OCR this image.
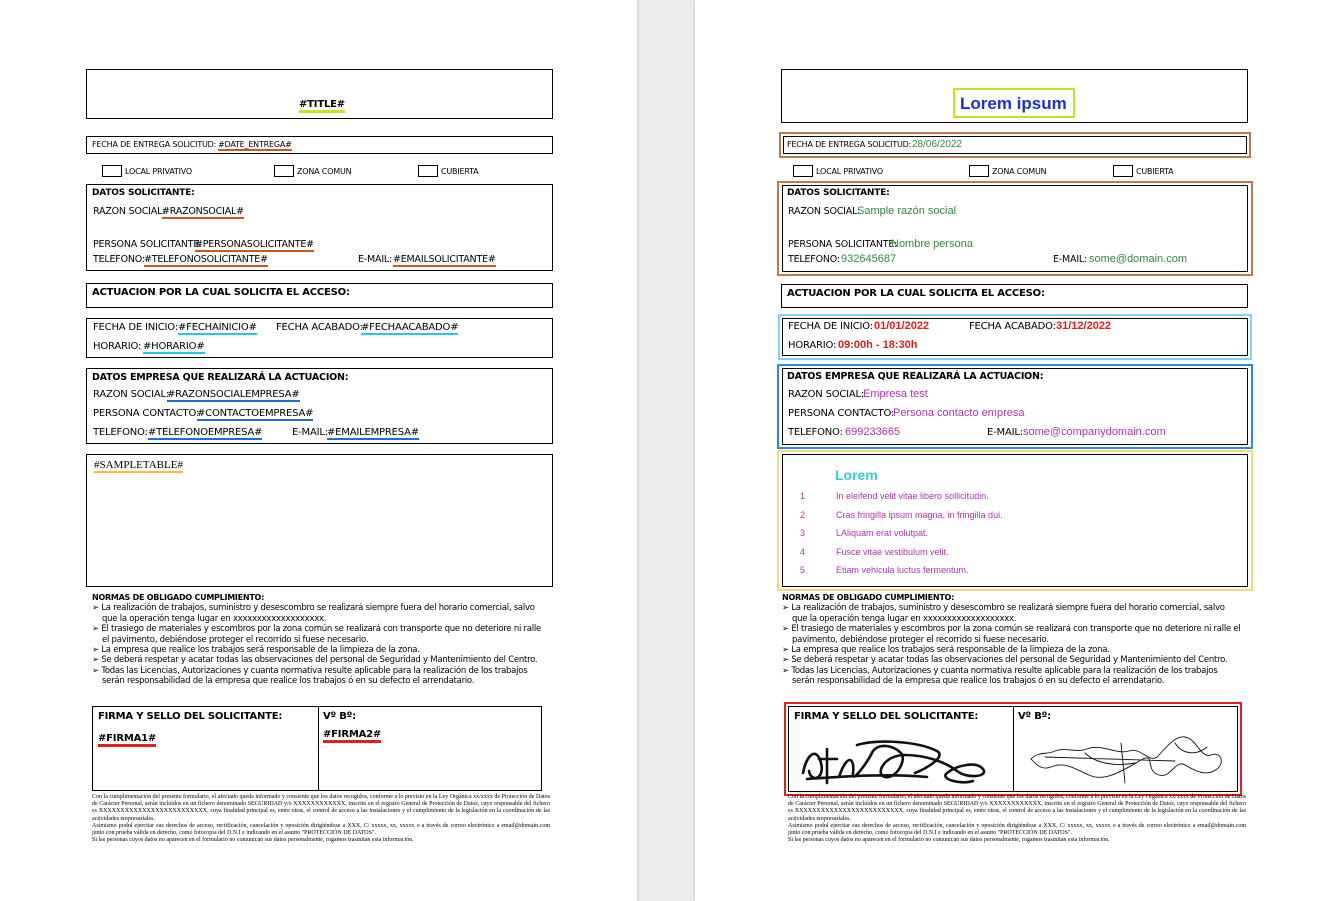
#TITLE#
FECHA DE ENTREGA SOLICITUD: #DATE_ENTREGA#
LOCAL PRIVATIVO	ZONA COMUN	CUBIERTA
DATOS SOLICITANTE:
RAZON SOCIAL:
#RAZONSOCIAL#
PERSONA SOLICITANTE:
#PERSONASOLICITANTE#
TELEFONO: #TELEFONOSOLICITANTE#	E-MAIL: #EMAILSOLICITANTE#
ACTUACION POR LA CUAL SOLICITA EL ACCESO:
FECHA DE INICIO: #FECHAINICIO# FECHA ACABADO:
#FECHAACABADO#
HORARIO: #HORARIO#
DATOS EMPRESA QUE REALIZARÁ LA ACTUACION:
RAZON SOCIAL:
#RAZONSOCIALEMPRESA#
PERSONA CONTACTO:
#CONTACTOEMPRESA#
TELEFONO: #TELEFONOEMPRESA#	E-MAIL: #EMAILEMPRESA#
#SAMPLETABLE#
NORMAS DE OBLIGADO CUMPLIMIENTO:
➢ La realización de trabajos, suministro y desescombro se realizará siempre fuera del horario comercial, salvo que la operación tenga lugar en xxxxxxxxxxxxxxxxxxx.
➢ El trasiego de materiales y escombros por la zona común se realizará con transporte que no deteriore ni ralle el pavimento, debiéndose proteger el recorrido si fuese necesario.
➢ La empresa que realice los trabajos será responsable de la limpieza de la zona.
➢ Se deberá respetar y acatar todas las observaciones del personal de Seguridad y Mantenimiento del Centro.
➢ Todas las Licencias, Autorizaciones y cuanta normativa resulte aplicable para la realización de los trabajos serán responsabilidad de la empresa que realice los trabajos ó en su defecto el arrendatario.
FIRMA Y SELLO DEL SOLICITANTE:
#FIRMA1#
Vº Bº:
#FIRMA2#

Con la cumplimentación del presente formulario, el afectado queda informado y consiente que los datos recogidos, conforme a lo previsto en la Ley Orgánica xx/xxxx de Protección de Datos de Carácter Personal, serán incluidos en un fichero denominado SEGURIDAD y/o XXXXXXXXXXXX, inscrito en el registro General de Protección de Datos, cuyo responsable del fichero es XXXXXXXXXXXXXXXXXXXXXXXXX, cuya finalidad principal es, entre otras, el control de acceso a las instalaciones y el cumplimiento de la legislación en la coordinación de las actividades empresariales.

Asimismo podrá ejercitar sus derechos de acceso, rectificación, cancelación y oposición dirigiéndose a XXX, C/ xxxxx, xx, xxxxx o a través de correo electrónico a email@domain.com junto con prueba válida en derecho, como fotocopia del D.N.I e indicando en el asunto "PROTECCIÓN DE DATOS".

Si las personas cuyos datos no aparecen en el formulario no comunican sus datos personalmente, rogamos trasmitan esta información.

Lorem ipsum
FECHA DE ENTREGA SOLICITUD: 28/06/2022
LOCAL PRIVATIVO	ZONA COMUN	CUBIERTA
DATOS SOLICITANTE:
RAZON SOCIAL:
Sample razón social
PERSONA SOLICITANTE:
Nombre persona
TELEFONO: 932645687	E-MAIL: some@domain.com
ACTUACION POR LA CUAL SOLICITA EL ACCESO:
FECHA DE INICIO: 01/01/2022	FECHA ACABADO: 31/12/2022
HORARIO: 09:00h - 18:30h
DATOS EMPRESA QUE REALIZARÁ LA ACTUACION:
RAZON SOCIAL:
Empresa test
PERSONA CONTACTO:
Persona contacto empresa
TELEFONO: 699233665	E-MAIL: some@companydomain.com
Lorem
1	In eleifend velit vitae libero sollicitudin.
2	Cras fringilla ipsum magna, in fringilla dui.
3	LAliquam erat volutpat.
4	Fusce vitae vestibulum velit.
5	Etiam vehicula luctus fermentum.
NORMAS DE OBLIGADO CUMPLIMIENTO:
➢ La realización de trabajos, suministro y desescombro se realizará siempre fuera del horario comercial, salvo que la operación tenga lugar en xxxxxxxxxxxxxxxxxxx.
➢ El trasiego de materiales y escombros por la zona común se realizará con transporte que no deteriore ni ralle el pavimento, debiéndose proteger el recorrido si fuese necesario.
➢ La empresa que realice los trabajos será responsable de la limpieza de la zona.
➢ Se deberá respetar y acatar todas las observaciones del personal de Seguridad y Mantenimiento del Centro.
➢ Todas las Licencias, Autorizaciones y cuanta normativa resulte aplicable para la realización de los trabajos serán responsabilidad de la empresa que realice los trabajos ó en su defecto el arrendatario.
FIRMA Y SELLO DEL SOLICITANTE:	Vº Bº:

Con la cumplimentación del presente formulario, el afectado queda informado y consiente que los datos recogidos, conforme a lo previsto en la Ley Orgánica xx/xxxx de Protección de Datos de Carácter Personal, serán incluidos en un fichero denominado SEGURIDAD y/o XXXXXXXXXXXX, inscrito en el registro General de Protección de Datos, cuyo responsable del fichero es XXXXXXXXXXXXXXXXXXXXXXXXX, cuya finalidad principal es, entre otras, el control de acceso a las instalaciones y el cumplimiento de la legislación en la coordinación de las actividades empresariales.

Asimismo podrá ejercitar sus derechos de acceso, rectificación, cancelación y oposición dirigiéndose a XXX, C/ xxxxx, xx, xxxxx o a través de correo electrónico a email@domain.com junto con prueba válida en derecho, como fotocopia del D.N.I e indicando en el asunto "PROTECCIÓN DE DATOS".

Si las personas cuyos datos no aparecen en el formulario no comunican sus datos personalmente, rogamos trasmitan esta información.
